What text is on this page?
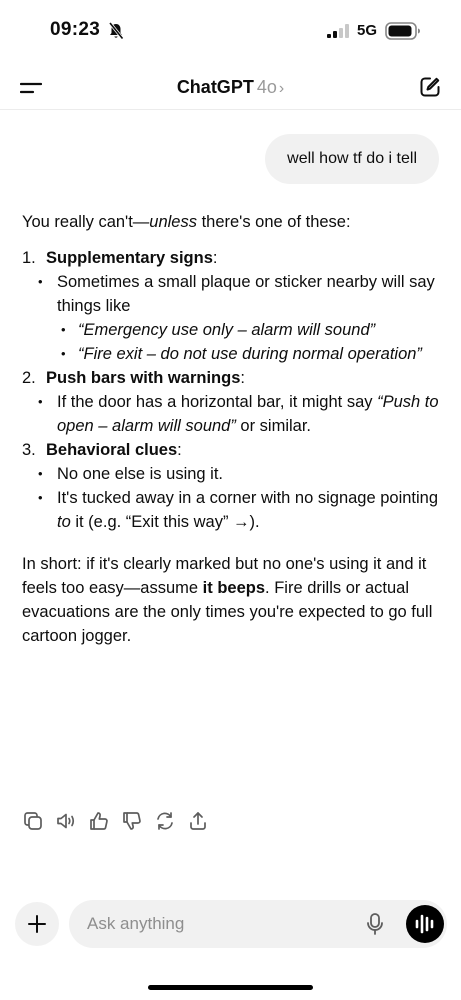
09:23	5G
ChatGPT 4o ›
well how tf do i tell

You really can't—unless there's one of these:

1. Supplementary signs:

• Sometimes a small plaque or sticker nearby will say things like

• “Emergency use only – alarm will sound”

• “Fire exit – do not use during normal operation”

2. Push bars with warnings:

• If the door has a horizontal bar, it might say “Push to open – alarm will sound” or similar.

3. Behavioral clues:

• No one else is using it.

• It's tucked away in a corner with no signage pointing to it (e.g. “Exit this way” →).

In short: if it's clearly marked but no one's using it and it feels too easy—assume it beeps. Fire drills or actual evacuations are the only times you're expected to go full cartoon jogger.

Ask anything
